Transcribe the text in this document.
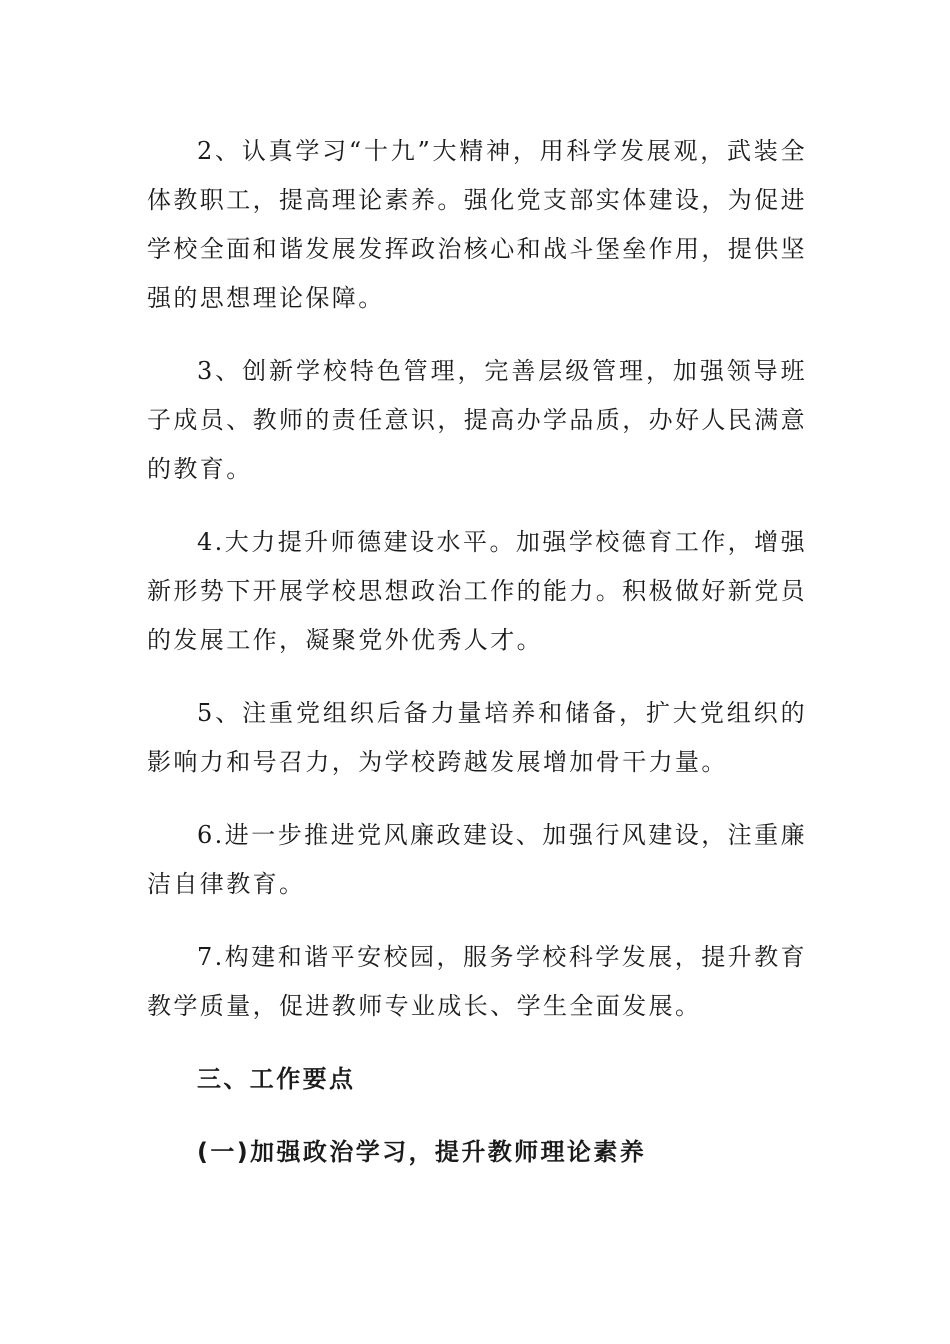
2、认真学习“十九”大精神，用科学发展观，武装全体教职工，提高理论素养。强化党支部实体建设，为促进学校全面和谐发展发挥政治核心和战斗堡垒作用，提供坚强的思想理论保障。

3、创新学校特色管理，完善层级管理，加强领导班子成员、教师的责任意识，提高办学品质，办好人民满意的教育。

4.大力提升师德建设水平。加强学校德育工作，增强新形势下开展学校思想政治工作的能力。积极做好新党员的发展工作，凝聚党外优秀人才。

5、注重党组织后备力量培养和储备，扩大党组织的影响力和号召力，为学校跨越发展增加骨干力量。

6.进一步推进党风廉政建设、加强行风建设，注重廉洁自律教育。

7.构建和谐平安校园，服务学校科学发展，提升教育教学质量，促进教师专业成长、学生全面发展。

三、工作要点

(一)加强政治学习，提升教师理论素养
